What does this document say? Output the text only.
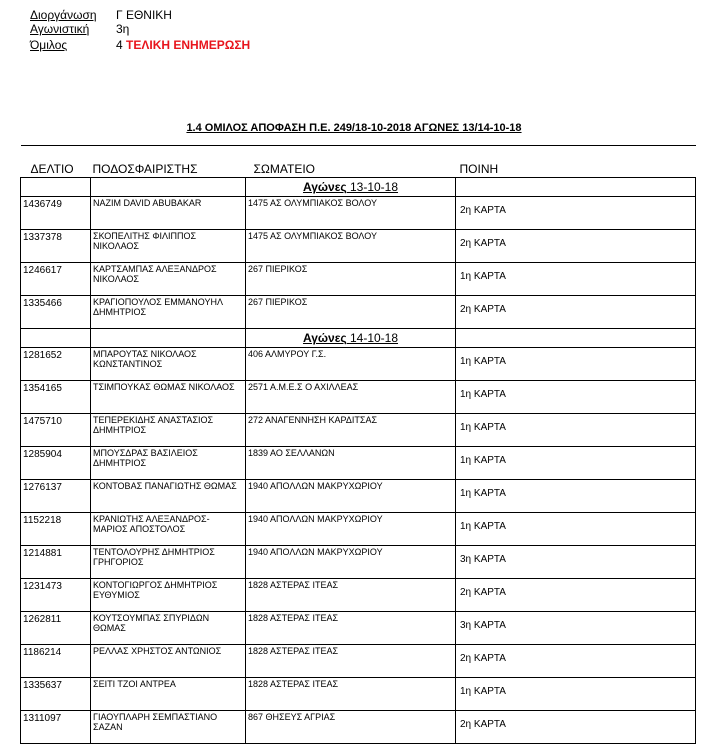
Διοργάνωση Γ ΕΘΝΙΚΗ
Αγωνιστική 3η
Όμιλος	4 ΤΕΛΙΚΗ ΕΝΗΜΕΡΩΣΗ
1.4 ΟΜΙΛΟΣ ΑΠΟΦΑΣΗ Π.Ε. 249/18-10-2018 ΑΓΩΝΕΣ 13/14-10-18
ΔΕΛΤΙΟ	ΠΟΔΟΣΦΑΙΡΙΣΤΗΣ	ΣΩΜΑΤΕΙΟ	ΠΟΙΝΗ
		Αγώνες 13-10-18	
1436749	NAZIM DAVID ABUBAKAR	1475 ΑΣ ΟΛΥΜΠΙΑΚΟΣ ΒΟΛΟΥ	2η ΚΑΡΤΑ
1337378	ΣΚΟΠΕΛΙΤΗΣ ΦΙΛΙΠΠΟΣ ΝΙΚΟΛΑΟΣ	1475 ΑΣ ΟΛΥΜΠΙΑΚΟΣ ΒΟΛΟΥ	2η ΚΑΡΤΑ
1246617	ΚΑΡΤΣΑΜΠΑΣ ΑΛΕΞΑΝΔΡΟΣ ΝΙΚΟΛΑΟΣ	267 ΠΙΕΡΙΚΟΣ	1η ΚΑΡΤΑ
1335466	ΚΡΑΓΙΟΠΟΥΛΟΣ ΕΜΜΑΝΟΥΗΛ ΔΗΜΗΤΡΙΟΣ	267 ΠΙΕΡΙΚΟΣ	2η ΚΑΡΤΑ
		Αγώνες 14-10-18	
1281652	ΜΠΑΡΟΥΤΑΣ ΝΙΚΟΛΑΟΣ ΚΩΝΣΤΑΝΤΙΝΟΣ	406 ΑΛΜΥΡΟΥ Γ.Σ.	1η ΚΑΡΤΑ
1354165	ΤΣΙΜΠΟΥΚΑΣ ΘΩΜΑΣ ΝΙΚΟΛΑΟΣ	2571 Α.Μ.Ε.Σ Ο ΑΧΙΛΛΕΑΣ	1η ΚΑΡΤΑ
1475710	ΤΕΠΕΡΕΚΙΔΗΣ ΑΝΑΣΤΑΣΙΟΣ ΔΗΜΗΤΡΙΟΣ	272 ΑΝΑΓΕΝΝΗΣΗ ΚΑΡΔΙΤΣΑΣ	1η ΚΑΡΤΑ
1285904	ΜΠΟΥΣΔΡΑΣ ΒΑΣΙΛΕΙΟΣ ΔΗΜΗΤΡΙΟΣ	1839 ΑΟ ΣΕΛΛΑΝΩΝ	1η ΚΑΡΤΑ
1276137	ΚΟΝΤΟΒΑΣ ΠΑΝΑΓΙΩΤΗΣ ΘΩΜΑΣ	1940 ΑΠΟΛΛΩΝ ΜΑΚΡΥΧΩΡΙΟΥ	1η ΚΑΡΤΑ
1152218	ΚΡΑΝΙΩΤΗΣ ΑΛΕΞΑΝΔΡΟΣ-ΜΑΡΙΟΣ ΑΠΟΣΤΟΛΟΣ	1940 ΑΠΟΛΛΩΝ ΜΑΚΡΥΧΩΡΙΟΥ	1η ΚΑΡΤΑ
1214881	ΤΕΝΤΟΛΟΥΡΗΣ ΔΗΜΗΤΡΙΟΣ ΓΡΗΓΟΡΙΟΣ	1940 ΑΠΟΛΛΩΝ ΜΑΚΡΥΧΩΡΙΟΥ	3η ΚΑΡΤΑ
1231473	ΚΟΝΤΟΓΙΩΡΓΟΣ ΔΗΜΗΤΡΙΟΣ ΕΥΘΥΜΙΟΣ	1828 ΑΣΤΕΡΑΣ ΙΤΕΑΣ	2η ΚΑΡΤΑ
1262811	ΚΟΥΤΣΟΥΜΠΑΣ ΣΠΥΡΙΔΩΝ ΘΩΜΑΣ	1828 ΑΣΤΕΡΑΣ ΙΤΕΑΣ	3η ΚΑΡΤΑ
1186214	ΡΕΛΛΑΣ ΧΡΗΣΤΟΣ ΑΝΤΩΝΙΟΣ	1828 ΑΣΤΕΡΑΣ ΙΤΕΑΣ	2η ΚΑΡΤΑ
1335637	ΣΕΙΤΙ ΤΖΟΙ ΑΝΤΡΕΑ	1828 ΑΣΤΕΡΑΣ ΙΤΕΑΣ	1η ΚΑΡΤΑ
1311097	ΓΙΑΟΥΠΛΑΡΗ ΣΕΜΠΑΣΤΙΑΝΟ ΣΑΖΑΝ	867 ΘΗΣΕΥΣ ΑΓΡΙΑΣ	2η ΚΑΡΤΑ
